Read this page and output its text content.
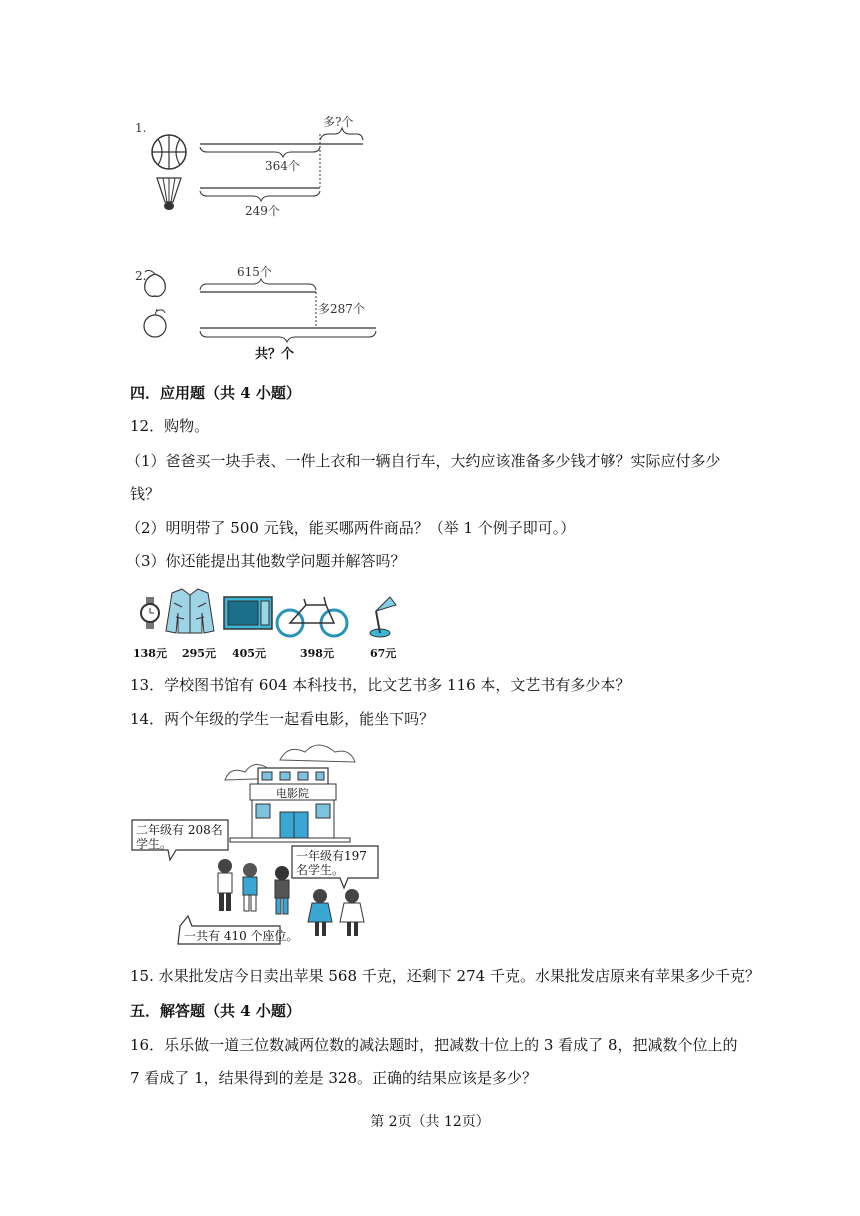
1.
364个
多?个
249个
2.	615个
多287个
共？个
四．应用题（共 4 小题）
12．购物。
（1）爸爸买一块手表、一件上衣和一辆自行车，大约应该准备多少钱才够？实际应付多少
钱？
（2）明明带了 500 元钱，能买哪两件商品？（举 1 个例子即可。）
（3）你还能提出其他数学问题并解答吗？
138元 295元 405元	398元	67元
13．学校图书馆有 604 本科技书，比文艺书多 116 本，文艺书有多少本？
14．两个年级的学生一起看电影，能坐下吗？
电影院
二年级有 208名
学生。
一年级有197
名学生。
一共有 410 个座位。
15. 水果批发店今日卖出苹果 568 千克，还剩下 274 千克。水果批发店原来有苹果多少千克？
五．解答题（共 4 小题）
16．乐乐做一道三位数减两位数的减法题时，把减数十位上的 3 看成了 8，把减数个位上的
7 看成了 1，结果得到的差是 328。正确的结果应该是多少？
第 2页（共 12页）
